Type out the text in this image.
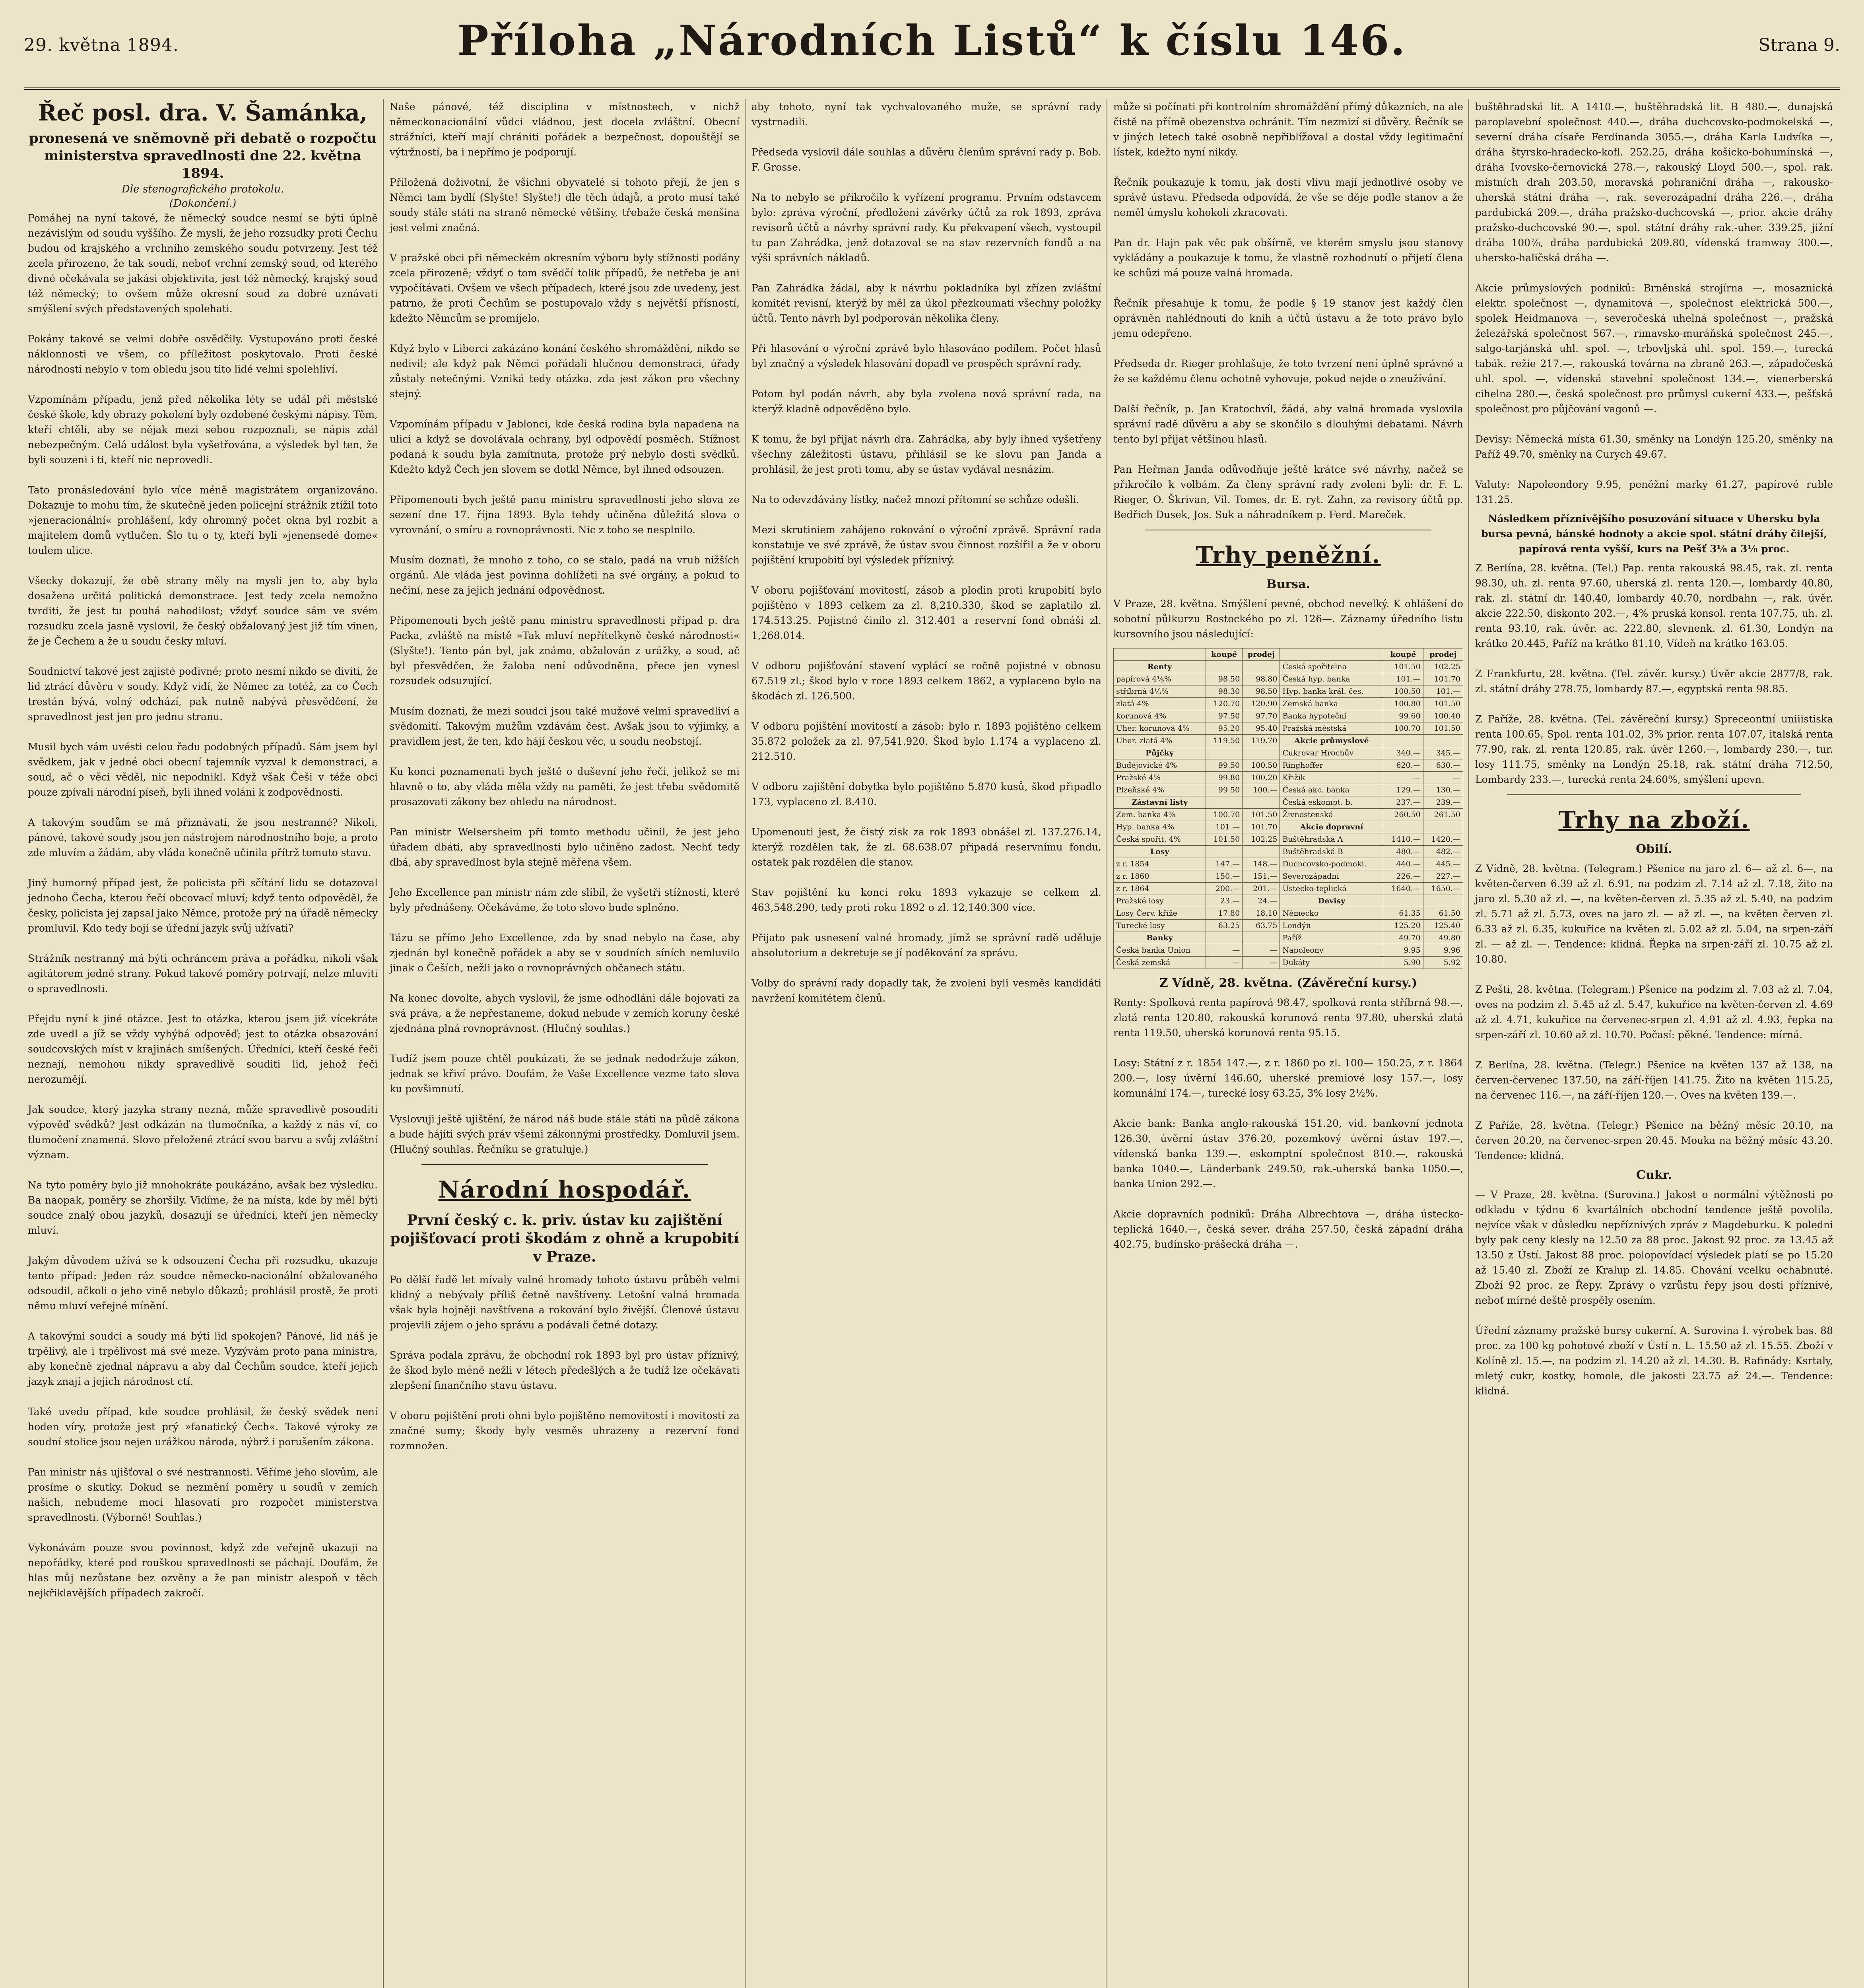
29. května 1894.	Příloha „Národních Listů“ k číslu 146.	Strana 9.
Řeč posl. dra. V. Šamánka,
pronesená ve sněmovně při debatě o rozpočtu ministerstva spravedlnosti dne 22. května 1894.
Dle stenografického protokolu.
(Dokončení.)
Pomáhej na nyní takové, že německý soudce nesmí se býti úplně nezávislým od soudu vyššího. Že myslí, že jeho rozsudky proti Čechu budou od krajského a vrchního zemského soudu potvrzeny. Jest též zcela přirozeno, že tak soudí, neboť vrchní zemský soud, od kterého divné očekávala se jakási objektivita, jest též německý, krajský soud též německý; to ovšem může okresní soud za dobré uznávati smýšlení svých představených spolehati.

Pokány takové se velmi dobře osvědčily. Vystupováno proti české náklonnosti ve všem, co příležitost poskytovalo. Proti české národnosti nebylo v tom obledu jsou tito lidé velmi spolehliví.

Vzpomínám případu, jenž před několika léty se udál při městské české škole, kdy obrazy pokolení byly ozdobené českými nápisy. Těm, kteří chtěli, aby se nějak mezi sebou rozpoznali, se nápis zdál nebezpečným. Celá událost byla vyšetřována, a výsledek byl ten, že byli souzeni i ti, kteří nic neprovedli.

Tato pronásledování bylo více méně magistrátem organizováno. Dokazuje to mohu tím, že skutečně jeden policejní strážník ztížil toto »jeneracionální« prohlášení, kdy ohromný počet okna byl rozbit a majitelem domů vytlučen. Šlo tu o ty, kteří byli »jenensedé dome« toulem ulice.

Všecky dokazují, že obě strany měly na mysli jen to, aby byla dosažena určitá politická demonstrace. Jest tedy zcela nemožno tvrditi, že jest tu pouhá nahodilost; vždyť soudce sám ve svém rozsudku zcela jasně vyslovil, že český obžalovaný jest již tím vinen, že je Čechem a že u soudu česky mluví.

Soudnictví takové jest zajisté podivné; proto nesmí nikdo se diviti, že lid ztrácí důvěru v soudy. Když vidí, že Němec za totéž, za co Čech trestán bývá, volný odchází, pak nutně nabývá přesvědčení, že spravedlnost jest jen pro jednu stranu.

Musil bych vám uvésti celou řadu podobných případů. Sám jsem byl svědkem, jak v jedné obci obecní tajemník vyzval k demonstraci, a soud, ač o věci věděl, nic nepodnikl. Když však Češi v téže obci pouze zpívali národní píseň, byli ihned voláni k zodpovědnosti.

A takovým soudům se má přiznávati, že jsou nestranné? Nikoli, pánové, takové soudy jsou jen nástrojem národnostního boje, a proto zde mluvím a žádám, aby vláda konečně učinila přítrž tomuto stavu.

Jiný humorný případ jest, že policista při sčítání lidu se dotazoval jednoho Čecha, kterou řečí obcovací mluví; když tento odpověděl, že česky, policista jej zapsal jako Němce, protože prý na úřadě německy promluvil. Kdo tedy bojí se úřední jazyk svůj užívati?

Strážník nestranný má býti ochráncem práva a pořádku, nikoli však agitátorem jedné strany. Pokud takové poměry potrvají, nelze mluviti o spravedlnosti.

Přejdu nyní k jiné otázce. Jest to otázka, kterou jsem již vícekráte zde uvedl a jíž se vždy vyhýbá odpověď; jest to otázka obsazování soudcovských míst v krajinách smíšených. Úředníci, kteří české řeči neznají, nemohou nikdy spravedlivě souditi lid, jehož řeči nerozumějí.

Jak soudce, který jazyka strany nezná, může spravedlivě posouditi výpověď svědků? Jest odkázán na tlumočníka, a každý z nás ví, co tlumočení znamená. Slovo přeložené ztrácí svou barvu a svůj zvláštní význam.

Na tyto poměry bylo již mnohokráte poukázáno, avšak bez výsledku. Ba naopak, poměry se zhoršily. Vidíme, že na místa, kde by měl býti soudce znalý obou jazyků, dosazují se úředníci, kteří jen německy mluví.

Jakým důvodem užívá se k odsouzení Čecha při rozsudku, ukazuje tento případ: Jeden ráz soudce německo-nacionální obžalovaného odsoudil, ačkoli o jeho vině nebylo důkazů; prohlásil prostě, že proti němu mluví veřejné mínění.

A takovými soudci a soudy má býti lid spokojen? Pánové, lid náš je trpělivý, ale i trpělivost má své meze. Vyzývám proto pana ministra, aby konečně zjednal nápravu a aby dal Čechům soudce, kteří jejich jazyk znají a jejich národnost ctí.

Také uvedu případ, kde soudce prohlásil, že český svědek není hoden víry, protože jest prý »fanatický Čech«. Takové výroky ze soudní stolice jsou nejen urážkou národa, nýbrž i porušením zákona.

Pan ministr nás ujišťoval o své nestrannosti. Věříme jeho slovům, ale prosíme o skutky. Dokud se nezmění poměry u soudů v zemích našich, nebudeme moci hlasovati pro rozpočet ministerstva spravedlnosti. (Výborně! Souhlas.)

Vykonávám pouze svou povinnost, když zde veřejně ukazuji na nepořádky, které pod rouškou spravedlnosti se páchají. Doufám, že hlas můj nezůstane bez ozvěny a že pan ministr alespoň v těch nejkřiklavějších případech zakročí.
Naše pánové, též disciplina v místnostech, v nichž německonacionální vůdci vládnou, jest docela zvláštní. Obecní strážníci, kteří mají chrániti pořádek a bezpečnost, dopouštějí se výtržností, ba i nepřímo je podporují.

Přiložená doživotní, že všichni obyvatelé si tohoto přejí, že jen s Němci tam bydlí (Slyšte! Slyšte!) dle těch údajů, a proto musí také soudy stále státi na straně německé většiny, třebaže česká menšina jest velmi značná.

V pražské obci při německém okresním výboru byly stížnosti podány zcela přirozeně; vždyť o tom svědčí tolik případů, že netřeba je ani vypočítávati. Ovšem ve všech případech, které jsou zde uvedeny, jest patrno, že proti Čechům se postupovalo vždy s největší přísností, kdežto Němcům se promíjelo.

Když bylo v Liberci zakázáno konání českého shromáždění, nikdo se nedivil; ale když pak Němci pořádali hlučnou demonstraci, úřady zůstaly netečnými. Vzniká tedy otázka, zda jest zákon pro všechny stejný.

Vzpomínám případu v Jablonci, kde česká rodina byla napadena na ulici a když se dovolávala ochrany, byl odpovědí posměch. Stížnost podaná k soudu byla zamítnuta, protože prý nebylo dosti svědků. Kdežto když Čech jen slovem se dotkl Němce, byl ihned odsouzen.

Připomenouti bych ještě panu ministru spravedlnosti jeho slova ze sezení dne 17. října 1893. Byla tehdy učiněna důležitá slova o vyrovnání, o smíru a rovnoprávnosti. Nic z toho se nesplnilo.

Musím doznati, že mnoho z toho, co se stalo, padá na vrub nižších orgánů. Ale vláda jest povinna dohlížeti na své orgány, a pokud to nečiní, nese za jejich jednání odpovědnost.

Připomenouti bych ještě panu ministru spravedlnosti případ p. dra Packa, zvláště na místě »Tak mluví nepřítelkyně české národnosti« (Slyšte!). Tento pán byl, jak známo, obžalován z urážky, a soud, ač byl přesvědčen, že žaloba není odůvodněna, přece jen vynesl rozsudek odsuzující.

Musím doznati, že mezi soudci jsou také mužové velmi spravedliví a svědomití. Takovým mužům vzdávám čest. Avšak jsou to výjimky, a pravidlem jest, že ten, kdo hájí českou věc, u soudu neobstojí.

Ku konci poznamenati bych ještě o duševní jeho řeči, jelikož se mi hlavně o to, aby vláda měla vždy na paměti, že jest třeba svědomitě prosazovati zákony bez ohledu na národnost.

Pan ministr Welsersheim při tomto methodu učinil, že jest jeho úřadem dbáti, aby spravedlnosti bylo učiněno zadost. Nechť tedy dbá, aby spravedlnost byla stejně měřena všem.

Jeho Excellence pan ministr nám zde slíbil, že vyšetří stížnosti, které byly přednášeny. Očekáváme, že toto slovo bude splněno.

Tázu se přímo Jeho Excellence, zda by snad nebylo na čase, aby zjednán byl konečně pořádek a aby se v soudních síních nemluvilo jinak o Češích, nežli jako o rovnoprávných občanech státu.

Na konec dovolte, abych vyslovil, že jsme odhodláni dále bojovati za svá práva, a že nepřestaneme, dokud nebude v zemích koruny české zjednána plná rovnoprávnost. (Hlučný souhlas.)

Tudíž jsem pouze chtěl poukázati, že se jednak nedodržuje zákon, jednak se křiví právo. Doufám, že Vaše Excellence vezme tato slova ku povšimnutí.

Vyslovuji ještě ujištění, že národ náš bude stále státi na půdě zákona a bude hájiti svých práv všemi zákonnými prostředky. Domluvil jsem. (Hlučný souhlas. Řečníku se gratuluje.)
Národní hospodář.
První český c. k. priv. ústav ku zajištění pojišťovací proti škodám z ohně a krupobití v Praze.
Po dělší řadě let mívaly valné hromady tohoto ústavu průběh velmi klidný a nebývaly příliš četně navštíveny. Letošní valná hromada však byla hojněji navštívena a rokování bylo živější. Členové ústavu projevili zájem o jeho správu a podávali četné dotazy.

Správa podala zprávu, že obchodní rok 1893 byl pro ústav příznivý, že škod bylo méně nežli v létech předešlých a že tudíž lze očekávati zlepšení finančního stavu ústavu.

V oboru pojištění proti ohni bylo pojištěno nemovitostí i movitostí za značné sumy; škody byly vesměs uhrazeny a rezervní fond rozmnožen.
aby tohoto, nyní tak vychvalovaného muže, se správní rady vystrnadili.

Předseda vyslovil dále souhlas a důvěru členům správní rady p. Bob. F. Grosse.

Na to nebylo se přikročilo k vyřízení programu. Prvním odstavcem bylo: zpráva výroční, předložení závěrky účtů za rok 1893, zpráva revisorů účtů a návrhy správní rady. Ku překvapení všech, vystoupil tu pan Zahrádka, jenž dotazoval se na stav rezervních fondů a na výši správních nákladů.

Pan Zahrádka žádal, aby k návrhu pokladníka byl zřízen zvláštní komitét revisní, kterýž by měl za úkol přezkoumati všechny položky účtů. Tento návrh byl podporován několika členy.

Při hlasování o výroční zprávě bylo hlasováno podílem. Počet hlasů byl značný a výsledek hlasování dopadl ve prospěch správní rady.

Potom byl podán návrh, aby byla zvolena nová správní rada, na kterýž kladně odpověděno bylo.

K tomu, že byl přijat návrh dra. Zahrádka, aby byly ihned vyšetřeny všechny záležitosti ústavu, přihlásil se ke slovu pan Janda a prohlásil, že jest proti tomu, aby se ústav vydával nesnázím.

Na to odevzdávány lístky, načež mnozí přítomní se schůze odešli.

Mezi skrutiniem zahájeno rokování o výroční zprávě. Správní rada konstatuje ve své zprávě, že ústav svou činnost rozšířil a že v oboru pojištění krupobití byl výsledek příznivý.

V oboru pojišťování movitostí, zásob a plodin proti krupobití bylo pojištěno v 1893 celkem za zl. 8,210.330, škod se zaplatilo zl. 174.513.25. Pojistné činilo zl. 312.401 a reservní fond obnáší zl. 1,268.014.

V odboru pojišťování stavení vyplácí se ročně pojistné v obnosu 67.519 zl.; škod bylo v roce 1893 celkem 1862, a vyplaceno bylo na škodách zl. 126.500.

V odboru pojištění movitostí a zásob: bylo r. 1893 pojištěno celkem 35.872 položek za zl. 97,541.920. Škod bylo 1.174 a vyplaceno zl. 212.510.

V odboru zajištění dobytka bylo pojištěno 5.870 kusů, škod připadlo 173, vyplaceno zl. 8.410.

Upomenouti jest, že čistý zisk za rok 1893 obnášel zl. 137.276.14, kterýž rozdělen tak, že zl. 68.638.07 připadá reservnímu fondu, ostatek pak rozdělen dle stanov.

Stav pojištění ku konci roku 1893 vykazuje se celkem zl. 463,548.290, tedy proti roku 1892 o zl. 12,140.300 více.

Přijato pak usnesení valné hromady, jímž se správní radě uděluje absolutorium a dekretuje se jí poděkování za správu.

Volby do správní rady dopadly tak, že zvoleni byli vesměs kandidáti navržení komitétem členů.
může si počínati při kontrolním shromáždění přímý důkazních, na ale čistě na přímě obezenstva ochránit. Tím nezmizí si důvěry. Řečník se v jiných letech také osobně nepřiblížoval a dostal vždy legitimační lístek, kdežto nyní nikdy.

Řečník poukazuje k tomu, jak dosti vlivu mají jednotlivé osoby ve správě ústavu. Předseda odpovídá, že vše se děje podle stanov a že neměl úmyslu kohokoli zkracovati.

Pan dr. Hajn pak věc pak obšírně, ve kterém smyslu jsou stanovy vykládány a poukazuje k tomu, že vlastně rozhodnutí o přijetí člena ke schůzi má pouze valná hromada.

Řečník přesahuje k tomu, že podle § 19 stanov jest každý člen oprávněn nahlédnouti do knih a účtů ústavu a že toto právo bylo jemu odepřeno.

Předseda dr. Rieger prohlašuje, že toto tvrzení není úplně správné a že se každému členu ochotně vyhovuje, pokud nejde o zneužívání.

Další řečník, p. Jan Kratochvíl, žádá, aby valná hromada vyslovila správní radě důvěru a aby se skončilo s dlouhými debatami. Návrh tento byl přijat většinou hlasů.

Pan Heřman Janda odůvodňuje ještě krátce své návrhy, načež se přikročilo k volbám. Za členy správní rady zvoleni byli: dr. F. L. Rieger, O. Škrivan, Vil. Tomes, dr. E. ryt. Zahn, za revisory účtů pp. Bedřich Dusek, Jos. Suk a náhradníkem p. Ferd. Mareček.
Trhy peněžní.
Bursa.
V Praze, 28. května. Smýšlení pevné, obchod nevelký. K ohlášení do sobotní půlkurzu Rostockého po zl. 126—. Záznamy úředního listu kursovního jsou následující:
	koupě	prodej		koupě	prodej
Renty			Česká spořitelna	101.50	102.25
papírová 4⅕%	98.50	98.80	Česká hyp. banka	101.—	101.70
stříbrná 4⅕%	98.30	98.50	Hyp. banka král. čes.	100.50	101.—
zlatá 4%	120.70	120.90	Zemská banka	100.80	101.50
korunová 4%	97.50	97.70	Banka hypoteční	99.60	100.40
Uher. korunová 4%	95.20	95.40	Pražská městská	100.70	101.50
Uher. zlatá 4%	119.50	119.70	Akcie průmyslové		
Půjčky			Cukrovar Hrochův	340.—	345.—
Budějovické 4%	99.50	100.50	Ringhoffer	620.—	630.—
Pražské 4%	99.80	100.20	Křižík	—	—
Plzeňské 4%	99.50	100.—	Česká akc. banka	129.—	130.—
Zástavní listy			Česká eskompt. b.	237.—	239.—
Zem. banka 4%	100.70	101.50	Živnostenská	260.50	261.50
Hyp. banka 4%	101.—	101.70	Akcie dopravní		
Česká spořit. 4%	101.50	102.25	Buštěhradská A	1410.—	1420.—
Losy			Buštěhradská B	480.—	482.—
z r. 1854	147.—	148.—	Duchcovsko-podmokl.	440.—	445.—
z r. 1860	150.—	151.—	Severozápadní	226.—	227.—
z r. 1864	200.—	201.—	Ústecko-teplická	1640.—	1650.—
Pražské losy	23.—	24.—	Devisy		
Losy Červ. kříže	17.80	18.10	Německo	61.35	61.50
Turecké losy	63.25	63.75	Londýn	125.20	125.40
Banky			Paříž	49.70	49.80
Česká banka Union	—	—	Napoleony	9.95	9.96
Česká zemská	—	—	Dukáty	5.90	5.92
Z Vídně, 28. května. (Závěreční kursy.)
Renty: Spolková renta papírová 98.47, spolková renta stříbrná 98.—, zlatá renta 120.80, rakouská korunová renta 97.80, uherská zlatá renta 119.50, uherská korunová renta 95.15.

Losy: Státní z r. 1854 147.—, z r. 1860 po zl. 100— 150.25, z r. 1864 200.—, losy úvěrní 146.60, uherské premiové losy 157.—, losy komunální 174.—, turecké losy 63.25, 3% losy 2½%.

Akcie bank: Banka anglo-rakouská 151.20, vid. bankovní jednota 126.30, úvěrní ústav 376.20, pozemkový úvěrní ústav 197.—, vídenská banka 139.—, eskomptní společnost 810.—, rakouská banka 1040.—, Länderbank 249.50, rak.-uherská banka 1050.—, banka Union 292.—.

Akcie dopravních podniků: Dráha Albrechtova —, dráha ústecko-teplická 1640.—, česká sever. dráha 257.50, česká západní dráha 402.75, budínsko-prášecká dráha —.
buštěhradská lit. A 1410.—, buštěhradská lit. B 480.—, dunajská paroplavební společnost 440.—, dráha duchcovsko-podmokelská —, severní dráha císaře Ferdinanda 3055.—, dráha Karla Ludvíka —, dráha štyrsko-hradecko-kofl. 252.25, dráha košicko-bohumínská —, dráha Ivovsko-černovická 278.—, rakouský Lloyd 500.—, spol. rak. místních drah 203.50, moravská pohraniční dráha —, rakousko-uherská státní dráha —, rak. severozápadní dráha 226.—, dráha pardubická 209.—, dráha pražsko-duchcovská —, prior. akcie dráhy pražsko-duchcovské 90.—, spol. státní dráhy rak.-uher. 339.25, jižní dráha 100⅞, dráha pardubická 209.80, vídenská tramway 300.—, uhersko-haličská dráha —.

Akcie průmyslových podniků: Brněnská strojírna —, mosaznická elektr. společnost —, dynamitová —, společnost elektrická 500.—, spolek Heidmanova —, severočeská uhelná společnost —, pražská železářská společnost 567.—, rimavsko-muráňská společnost 245.—, salgo-tarjánská uhl. spol. —, trbovljská uhl. spol. 159.—, turecká tabák. režie 217.—, rakouská továrna na zbraně 263.—, západočeská uhl. spol. —, vídenská stavební společnost 134.—, vienerberská cihelna 280.—, česká společnost pro průmysl cukerní 433.—, pešťská společnost pro půjčování vagonů —.

Devisy: Německá místa 61.30, směnky na Londýn 125.20, směnky na Paříž 49.70, směnky na Curych 49.67.

Valuty: Napoleondory 9.95, peněžní marky 61.27, papírové ruble 131.25.
Následkem příznivějšího posuzování situace v Uhersku byla bursa pevná, bánské hodnoty a akcie spol. státní dráhy čilejší, papírová renta vyšší, kurs na Pešť 3⅛ a 3⅛ proc.
Z Berlína, 28. května. (Tel.) Pap. renta rakouská 98.45, rak. zl. renta 98.30, uh. zl. renta 97.60, uherská zl. renta 120.—, lombardy 40.80, rak. zl. státní dr. 140.40, lombardy 40.70, nordbahn —, rak. úvěr. akcie 222.50, diskonto 202.—, 4% pruská konsol. renta 107.75, uh. zl. renta 93.10, rak. úvěr. ac. 222.80, slevnenk. zl. 61.30, Londýn na krátko 20.445, Paříž na krátko 81.10, Vídeň na krátko 163.05.

Z Frankfurtu, 28. května. (Tel. závěr. kursy.) Úvěr akcie 2877/8, rak. zl. státní dráhy 278.75, lombardy 87.—, egyptská renta 98.85.

Z Paříže, 28. května. (Tel. závěreční kursy.) Spreceontní uniiistiska renta 100.65, Spol. renta 101.02, 3% prior. renta 107.07, italská renta 77.90, rak. zl. renta 120.85, rak. úvěr 1260.—, lombardy 230.—, tur. losy 111.75, směnky na Londýn 25.18, rak. státní dráha 712.50, Lombardy 233.—, turecká renta 24.60%, smýšlení upevn.
Trhy na zboží.
Obilí.
Z Vídně, 28. května. (Telegram.) Pšenice na jaro zl. 6— až zl. 6—, na květen-červen 6.39 až zl. 6.91, na podzim zl. 7.14 až zl. 7.18, žito na jaro zl. 5.30 až zl. —, na květen-červen zl. 5.35 až zl. 5.40, na podzim zl. 5.71 až zl. 5.73, oves na jaro zl. — až zl. —, na květen červen zl. 6.33 až zl. 6.35, kukuřice na květen zl. 5.02 až zl. 5.04, na srpen-září zl. — až zl. —. Tendence: klidná. Řepka na srpen-září zl. 10.75 až zl. 10.80.

Z Pešti, 28. května. (Telegram.) Pšenice na podzim zl. 7.03 až zl. 7.04, oves na podzim zl. 5.45 až zl. 5.47, kukuřice na květen-červen zl. 4.69 až zl. 4.71, kukuřice na červenec-srpen zl. 4.91 až zl. 4.93, řepka na srpen-září zl. 10.60 až zl. 10.70. Počasí: pěkné. Tendence: mírná.

Z Berlína, 28. května. (Telegr.) Pšenice na květen 137 až 138, na červen-červenec 137.50, na září-říjen 141.75. Žito na květen 115.25, na červenec 116.—, na září-říjen 120.—. Oves na květen 139.—.

Z Paříže, 28. května. (Telegr.) Pšenice na běžný měsíc 20.10, na červen 20.20, na červenec-srpen 20.45. Mouka na běžný měsíc 43.20. Tendence: klidná.
Cukr.
— V Praze, 28. května. (Surovina.) Jakost o normální výtěžnosti po odkladu v týdnu 6 kvartálních obchodní tendence ještě povolila, nejvíce však v důsledku nepříznivých zpráv z Magdeburku. K poledni byly pak ceny klesly na 12.50 za 88 proc. Jakost 92 proc. za 13.45 až 13.50 z Ústí. Jakost 88 proc. polopovídací výsledek platí se po 15.20 až 15.40 zl. Zboží ze Kralup zl. 14.85. Chování vcelku ochabnuté. Zboží 92 proc. ze Řepy. Zprávy o vzrůstu řepy jsou dosti příznivé, neboť mírné deště prospěly osením.

Úřední záznamy pražské bursy cukerní. A. Surovina I. výrobek bas. 88 proc. za 100 kg pohotové zboží v Ústí n. L. 15.50 až zl. 15.55. Zboží v Kolíně zl. 15.—, na podzim zl. 14.20 až zl. 14.30. B. Rafinády: Ksrtaly, mletý cukr, kostky, homole, dle jakosti 23.75 až 24.—. Tendence: klidná.
